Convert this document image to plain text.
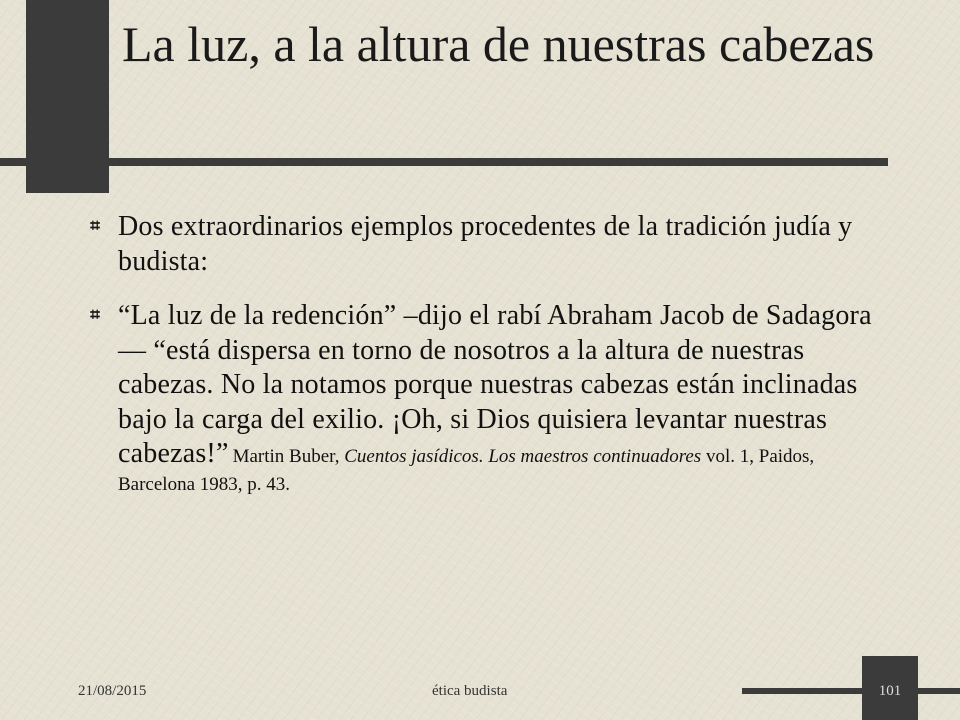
La luz, a la altura de nuestras cabezas
⌗ Dos extraordinarios ejemplos procedentes de la tradición judía y budista:
⌗ “La luz de la redención” –dijo el rabí Abraham Jacob de Sadagora— “está dispersa en torno de nosotros a la altura de nuestras cabezas. No la notamos porque nuestras cabezas están inclinadas bajo la carga del exilio. ¡Oh, si Dios quisiera levantar nuestras cabezas!” Martin Buber, Cuentos jasídicos. Los maestros continuadores vol. 1, Paidos, Barcelona 1983, p. 43.
21/08/2015	ética budista	101
